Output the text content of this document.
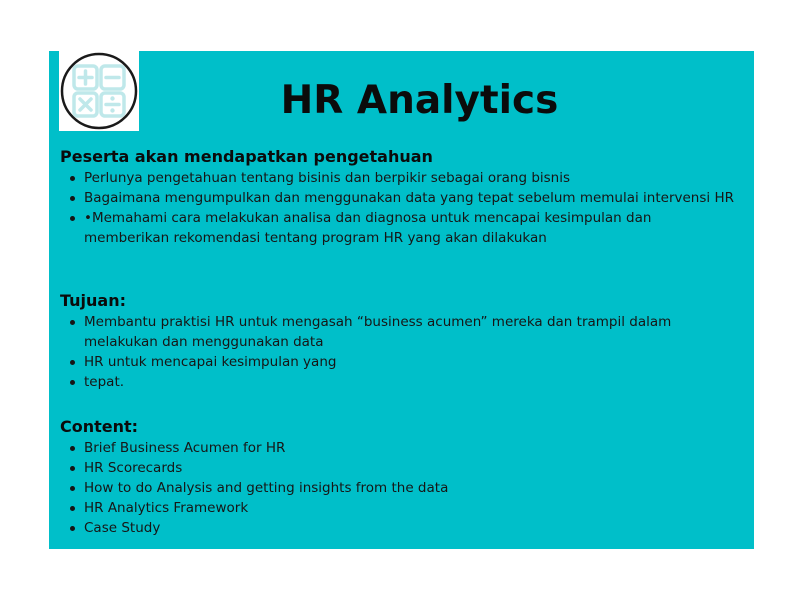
HR Analytics
Peserta akan mendapatkan pengetahuan
Perlunya pengetahuan tentang bisinis dan berpikir sebagai orang bisnis
Bagaimana mengumpulkan dan menggunakan data yang tepat sebelum memulai intervensi HR
•Memahami cara melakukan analisa dan diagnosa untuk mencapai kesimpulan dan memberikan rekomendasi tentang program HR yang akan dilakukan
Tujuan:
Membantu praktisi HR untuk mengasah “business acumen” mereka dan trampil dalam melakukan dan menggunakan data
HR untuk mencapai kesimpulan yang
tepat.
Content:
Brief Business Acumen for HR
HR Scorecards
How to do Analysis and getting insights from the data
HR Analytics Framework
Case Study
